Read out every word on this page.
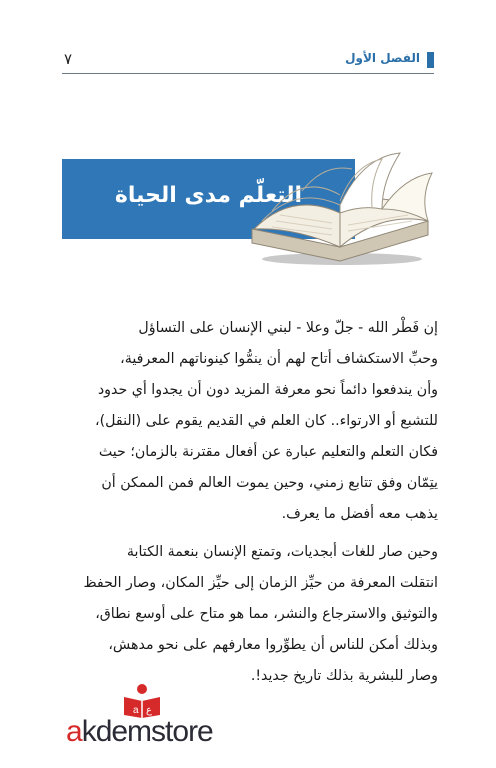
٧	الفصل الأول
التعلّم مدى الحياة
إن فَطْر الله - جلّ وعلا - لبني الإنسان على التساؤل
وحبِّ الاستكشاف أتاح لهم أن ينمُّوا كينوناتهم المعرفية،
وأن يندفعوا دائماً نحو معرفة المزيد دون أن يجدوا أي حدود
للتشبع أو الارتواء.. كان العلم في القديم يقوم على (النقل)،
فكان التعلم والتعليم عبارة عن أفعال مقترنة بالزمان؛ حيث
يتِمّان وفق تتابع زمني، وحين يموت العالم فمن الممكن أن
يذهب معه أفضل ما يعرف.
وحين صار للغات أبجديات، وتمتع الإنسان بنعمة الكتابة
انتقلت المعرفة من حيِّز الزمان إلى حيِّز المكان، وصار الحفظ
والتوثيق والاسترجاع والنشر، مما هو متاح على أوسع نطاق،
وبذلك أمكن للناس أن يطوِّروا معارفهم على نحو مدهش،
وصار للبشرية بذلك تاريخ جديد!.
a ع
akdemstore
